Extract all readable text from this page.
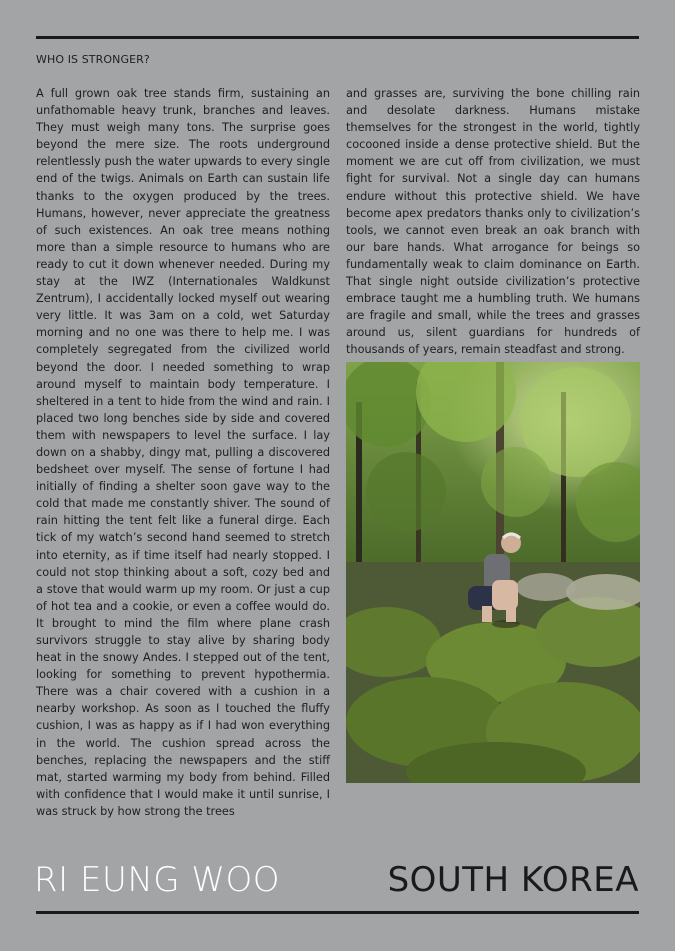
WHO IS STRONGER?
A full grown oak tree stands firm, sustaining an unfathomable heavy trunk, branches and leaves. They must weigh many tons. The surprise goes beyond the mere size. The roots underground relentlessly push the water upwards to every single end of the twigs. Animals on Earth can sustain life thanks to the oxygen produced by the trees. Humans, however, never appreciate the greatness of such existences. An oak tree means nothing more than a simple resource to humans who are ready to cut it down whenever needed. During my stay at the IWZ (Internationales Waldkunst Zentrum), I accidentally locked myself out wearing very little. It was 3am on a cold, wet Saturday morning and no one was there to help me. I was completely segregated from the civilized world beyond the door. I needed something to wrap around myself to maintain body temperature. I sheltered in a tent to hide from the wind and rain. I placed two long benches side by side and covered them with newspapers to level the surface. I lay down on a shabby, dingy mat, pulling a discovered bedsheet over myself. The sense of fortune I had initially of finding a shelter soon gave way to the cold that made me constantly shiver. The sound of rain hitting the tent felt like a funeral dirge. Each tick of my watch’s second hand seemed to stretch into eternity, as if time itself had nearly stopped. I could not stop thinking about a soft, cozy bed and a stove that would warm up my room. Or just a cup of hot tea and a cookie, or even a coffee would do. It brought to mind the film where plane crash survivors struggle to stay alive by sharing body heat in the snowy Andes. I stepped out of the tent, looking for something to prevent hypothermia. There was a chair covered with a cushion in a nearby workshop. As soon as I touched the fluffy cushion, I was as happy as if I had won everything in the world. The cushion spread across the benches, replacing the newspapers and the stiff mat, started warming my body from behind. Filled with confidence that I would make it until sunrise, I was struck by how strong the trees
and grasses are, surviving the bone chilling rain and desolate darkness. Humans mistake themselves for the strongest in the world, tightly cocooned inside a dense protective shield. But the moment we are cut off from civilization, we must fight for survival. Not a single day can humans endure without this protective shield. We have become apex predators thanks only to civilization’s tools, we cannot even break an oak branch with our bare hands. What arrogance for beings so fundamentally weak to claim dominance on Earth. That single night outside civilization’s protective embrace taught me a humbling truth. We humans are fragile and small, while the trees and grasses around us, silent guardians for hundreds of thousands of years, remain steadfast and strong.
RI EUNG WOO	SOUTH KOREA
